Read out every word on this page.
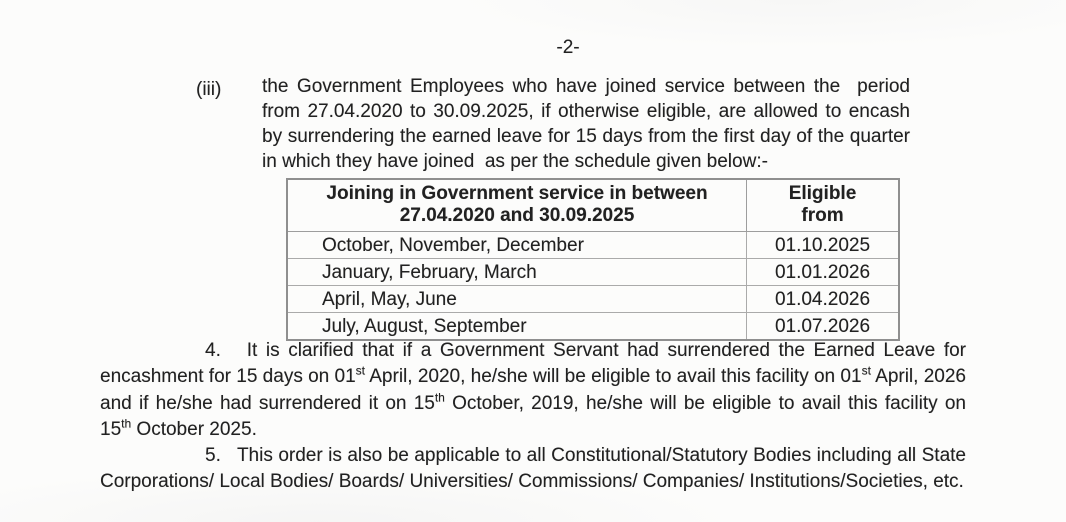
-2-
(iii) the Government Employees who have joined service between the  period from 27.04.2020 to 30.09.2025, if otherwise eligible, are allowed to encash by surrendering the earned leave for 15 days from the first day of the quarter in which they have joined  as per the schedule given below:-
Joining in Government service in between 27.04.2020 and 30.09.2025	Eligible from
October, November, December	01.10.2025
January, February, March	01.01.2026
April, May, June	01.04.2026
July, August, September	01.07.2026
4.   It is clarified that if a Government Servant had surrendered the Earned Leave for encashment for 15 days on 01st April, 2020, he/she will be eligible to avail this facility on 01st April, 2026 and if he/she had surrendered it on 15th October, 2019, he/she will be eligible to avail this facility on 15th October 2025.
5.   This order is also be applicable to all Constitutional/Statutory Bodies including all State Corporations/ Local Bodies/ Boards/ Universities/ Commissions/ Companies/ Institutions/Societies, etc.
